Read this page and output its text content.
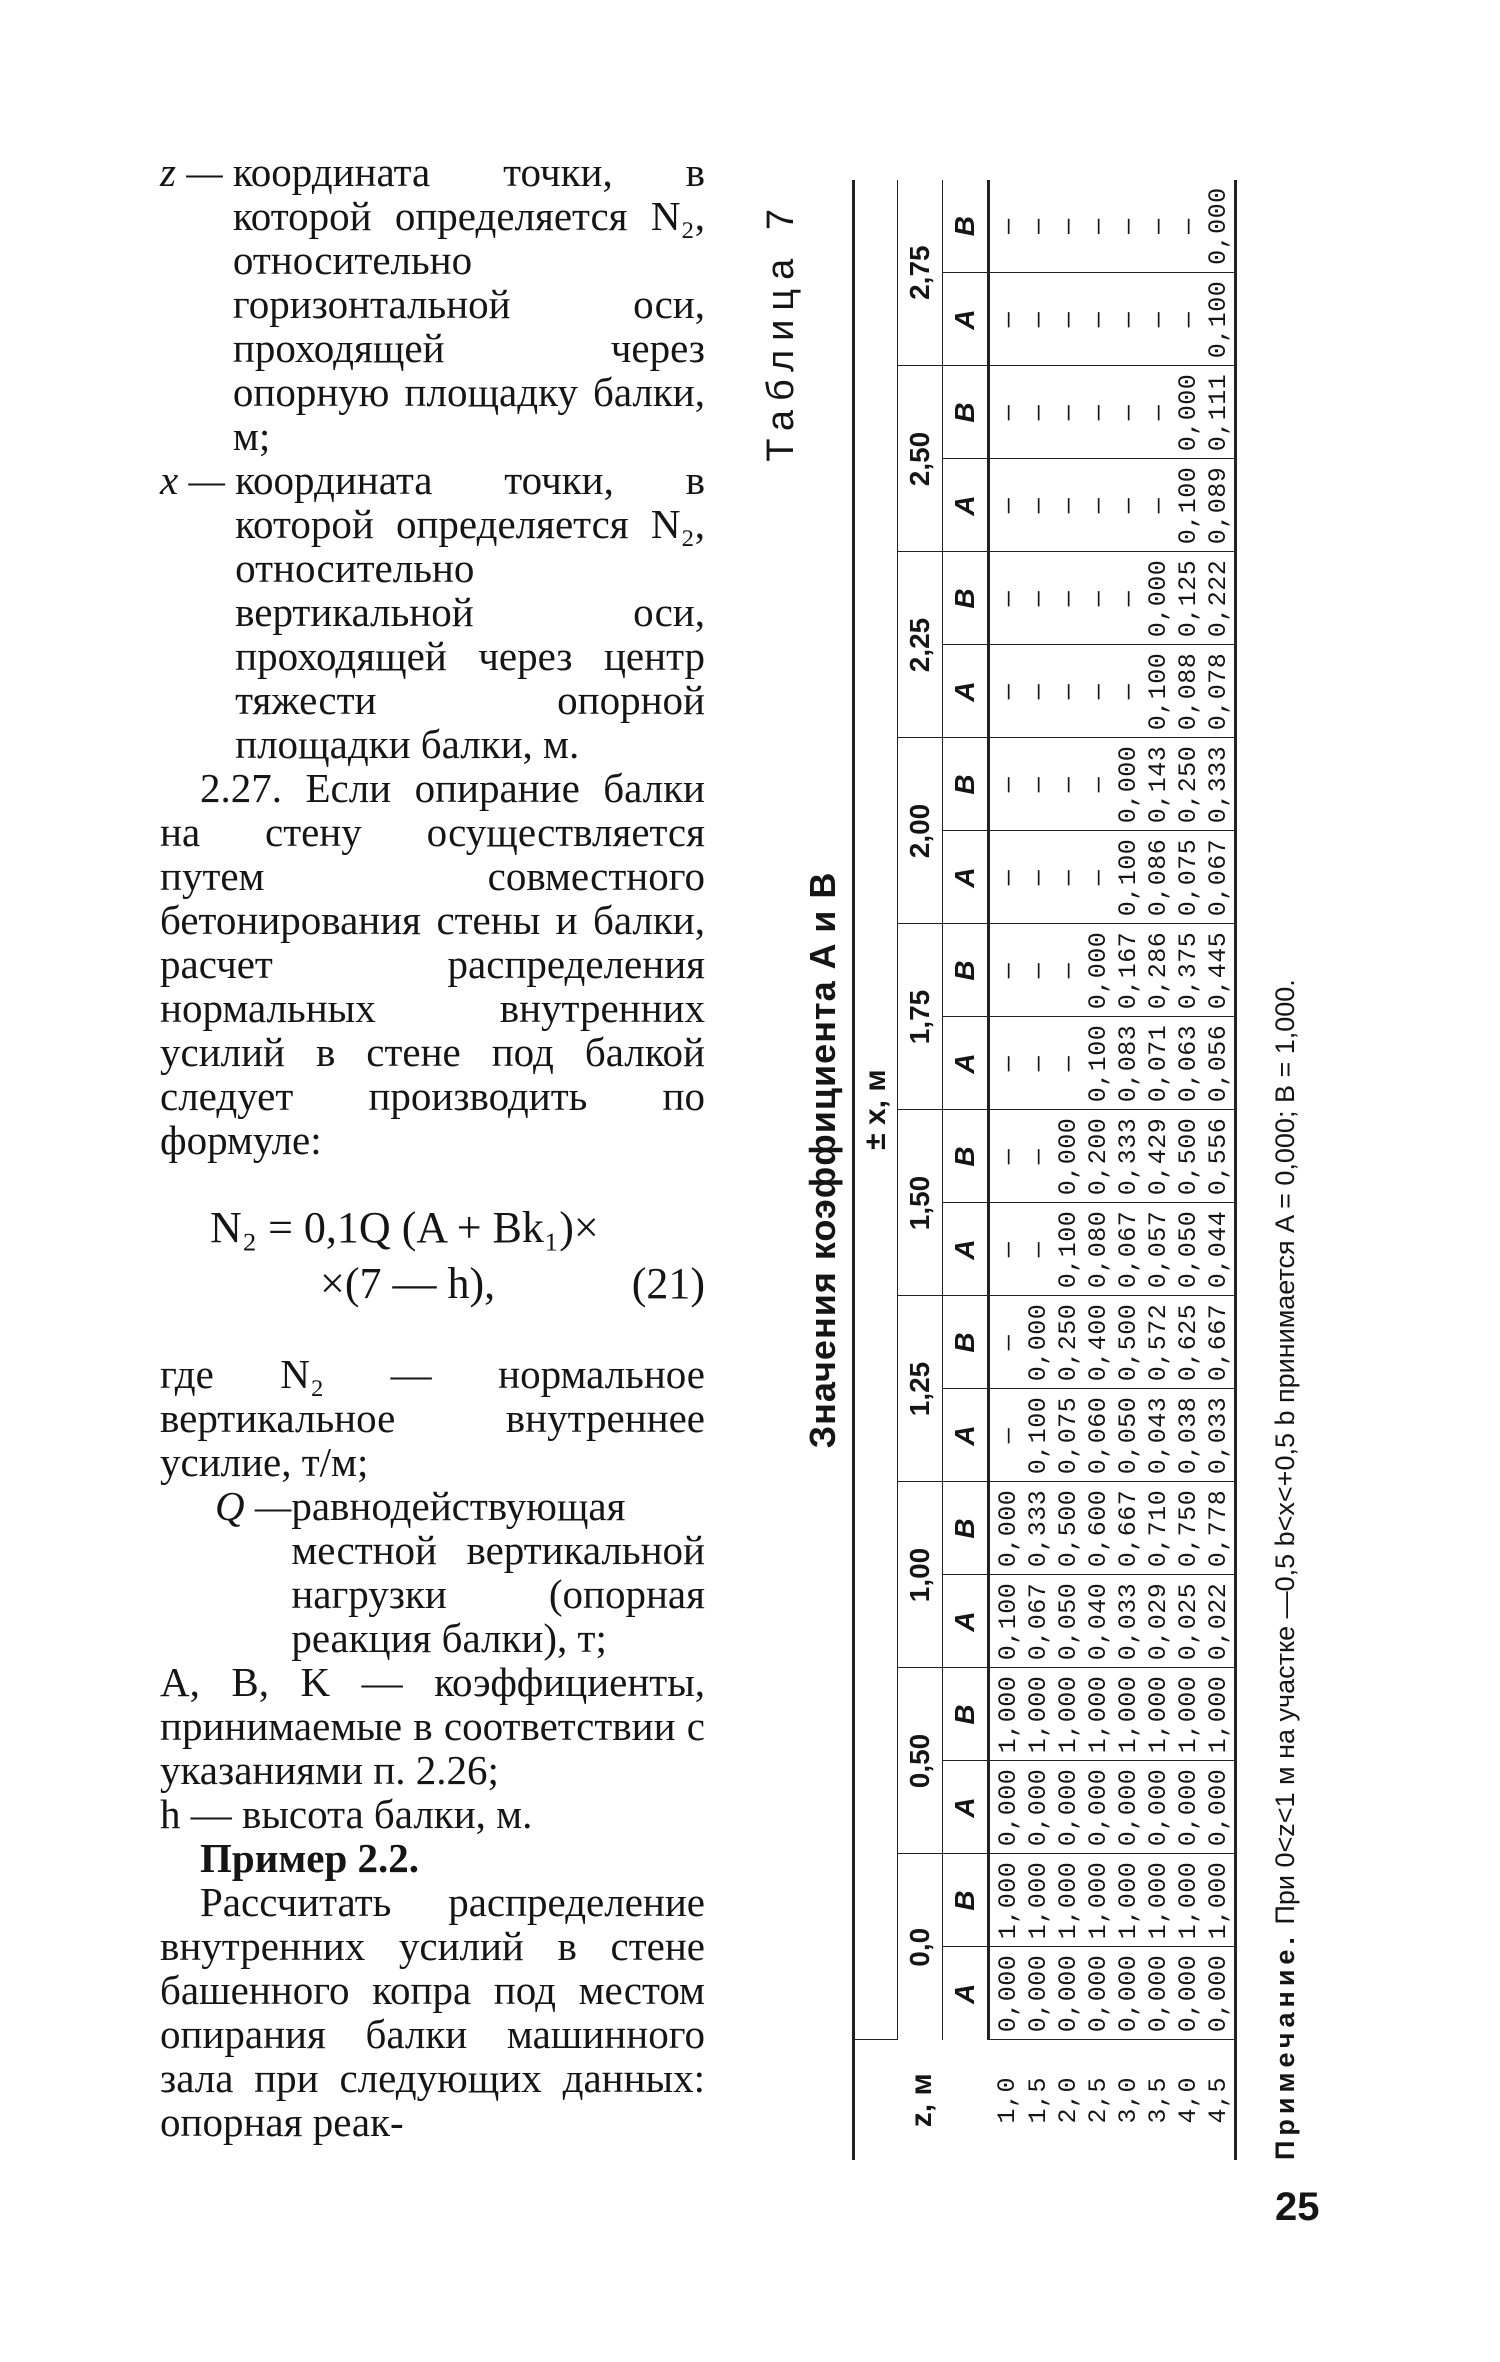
z — координата точки, в которой определяется N₂, относительно горизонтальной оси, проходящей через опорную площадку балки, м;
x — координата точки, в которой определяется N₂, относительно вертикальной оси, проходящей через центр тяжести опорной площадки балки, м.

2.27. Если опирание балки на стену осуществляется путем совместного бетонирования стены и балки, расчет распределения нормальных внутренних усилий в стене под балкой следует производить по формуле:

N₂ = 0,1Q (A + Bk₁)×
×(7 — h),	(21)

где N₂ — нормальное вертикальное внутреннее усилие, т/м;

Q — равнодействующая местной вертикальной нагрузки (опорная реакция балки), т;

A, B, K — коэффициенты, принимаемые в соответствии с указаниями п. 2.26;

h — высота балки, м.

Пример 2.2.

Рассчитать распределение внутренних усилий в стене башенного копра под местом опирания балки машинного зала при следующих данных: опорная реак-

Таблица 7
Значения коэффициента A и B
z, м	± x, м																			
	0,0		0,50		1,00		1,25		1,50		1,75		2,00		2,25		2,50		2,75	
	A	B	A	B	A	B	A	B	A	B	A	B	A	B	A	B	A	B	A	B
1,0	0,000	1,000	0,000	1,000	0,100	0,000	—	—	—	—	—	—	—	—	—	—	—	—	—	—
1,5	0,000	1,000	0,000	1,000	0,067	0,333	0,100	0,000	—	—	—	—	—	—	—	—	—	—	—	—
2,0	0,000	1,000	0,000	1,000	0,050	0,500	0,075	0,250	0,100	0,000	—	—	—	—	—	—	—	—	—	—
2,5	0,000	1,000	0,000	1,000	0,040	0,600	0,060	0,400	0,080	0,200	0,100	0,000	—	—	—	—	—	—	—	—
3,0	0,000	1,000	0,000	1,000	0,033	0,667	0,050	0,500	0,067	0,333	0,083	0,167	0,100	0,000	—	—	—	—	—	—
3,5	0,000	1,000	0,000	1,000	0,029	0,710	0,043	0,572	0,057	0,429	0,071	0,286	0,086	0,143	0,100	0,000	—	—	—	—
4,0	0,000	1,000	0,000	1,000	0,025	0,750	0,038	0,625	0,050	0,500	0,063	0,375	0,075	0,250	0,088	0,125	0,100	0,000	—	—
4,5	0,000	1,000	0,000	1,000	0,022	0,778	0,033	0,667	0,044	0,556	0,056	0,445	0,067	0,333	0,078	0,222	0,089	0,111	0,100	0,000
Примечание. При 0<z<1 м на участке —0,5 b<x<+0,5 b принимается A = 0,000; B = 1,000.
25
